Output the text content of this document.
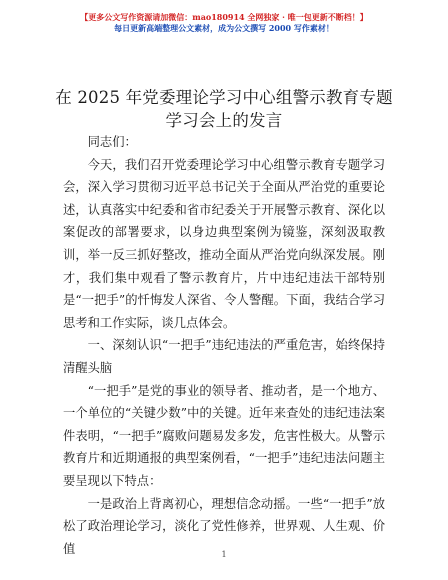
【更多公文写作资源请加微信：mao180914 全网独家 · 唯一包更新不断档！】
每日更新高端整理公文素材，成为公文撰写 2000 写作素材！
在 2025 年党委理论学习中心组警示教育专题学习会上的发言

同志们：

今天，我们召开党委理论学习中心组警示教育专题学习会，深入学习贯彻习近平总书记关于全面从严治党的重要论述，认真落实中纪委和省市纪委关于开展警示教育、深化以案促改的部署要求，以身边典型案例为镜鉴，深刻汲取教训，举一反三抓好整改，推动全面从严治党向纵深发展。刚才，我们集中观看了警示教育片，片中违纪违法干部特别是“一把手”的忏悔发人深省、令人警醒。下面，我结合学习思考和工作实际，谈几点体会。

一、深刻认识“一把手”违纪违法的严重危害，始终保持清醒头脑

“一把手”是党的事业的领导者、推动者，是一个地方、一个单位的“关键少数”中的关键。近年来查处的违纪违法案件表明，“一把手”腐败问题易发多发，危害性极大。从警示教育片和近期通报的典型案例看，“一把手”违纪违法问题主要呈现以下特点：

一是政治上背离初心，理想信念动摇。一些“一把手”放松了政治理论学习，淡化了党性修养，世界观、人生观、价值	1
